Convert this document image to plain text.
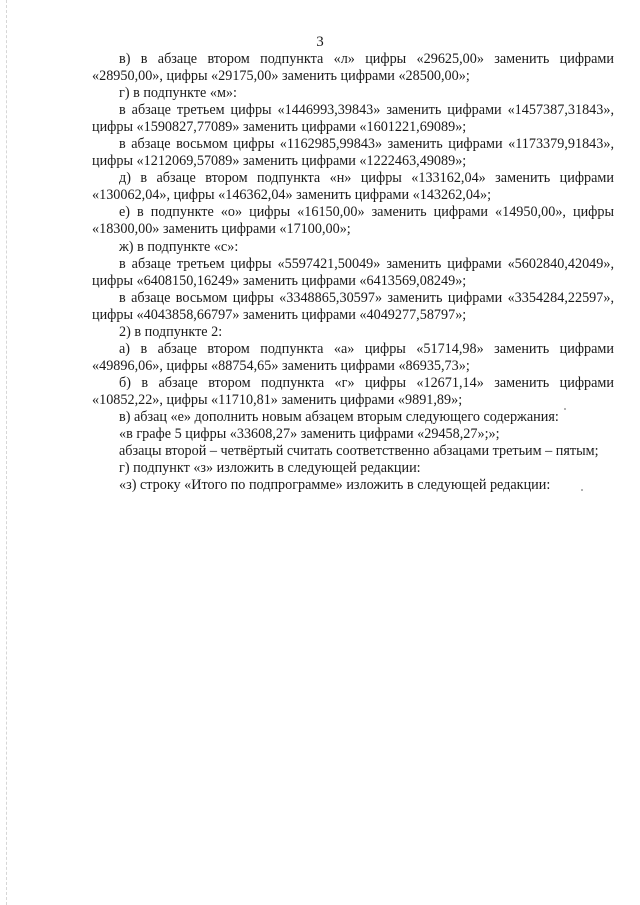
3

в) в абзаце втором подпункта «л» цифры «29625,00» заменить цифрами «28950,00», цифры «29175,00» заменить цифрами «28500,00»;

г) в подпункте «м»:

в абзаце третьем цифры «1446993,39843» заменить цифрами «1457387,31843», цифры «1590827,77089» заменить цифрами «1601221,69089»;

в абзаце восьмом цифры «1162985,99843» заменить цифрами «1173379,91843», цифры «1212069,57089» заменить цифрами «1222463,49089»;

д) в абзаце втором подпункта «н» цифры «133162,04» заменить цифрами «130062,04», цифры «146362,04» заменить цифрами «143262,04»;

е) в подпункте «о» цифры «16150,00» заменить цифрами «14950,00», цифры «18300,00» заменить цифрами «17100,00»;

ж) в подпункте «с»:

в абзаце третьем цифры «5597421,50049» заменить цифрами «5602840,42049», цифры «6408150,16249» заменить цифрами «6413569,08249»;

в абзаце восьмом цифры «3348865,30597» заменить цифрами «3354284,22597», цифры «4043858,66797» заменить цифрами «4049277,58797»;

2) в подпункте 2:

а) в абзаце втором подпункта «а» цифры «51714,98» заменить цифрами «49896,06», цифры «88754,65» заменить цифрами «86935,73»;

б) в абзаце втором подпункта «г» цифры «12671,14» заменить цифрами «10852,22», цифры «11710,81» заменить цифрами «9891,89»;

в) абзац «е» дополнить новым абзацем вторым следующего содержания:

«в графе 5 цифры «33608,27» заменить цифрами «29458,27»;»;

абзацы второй – четвёртый считать соответственно абзацами третьим – пятым;

г) подпункт «з» изложить в следующей редакции:

«з) строку «Итого по подпрограмме» изложить в следующей редакции:
